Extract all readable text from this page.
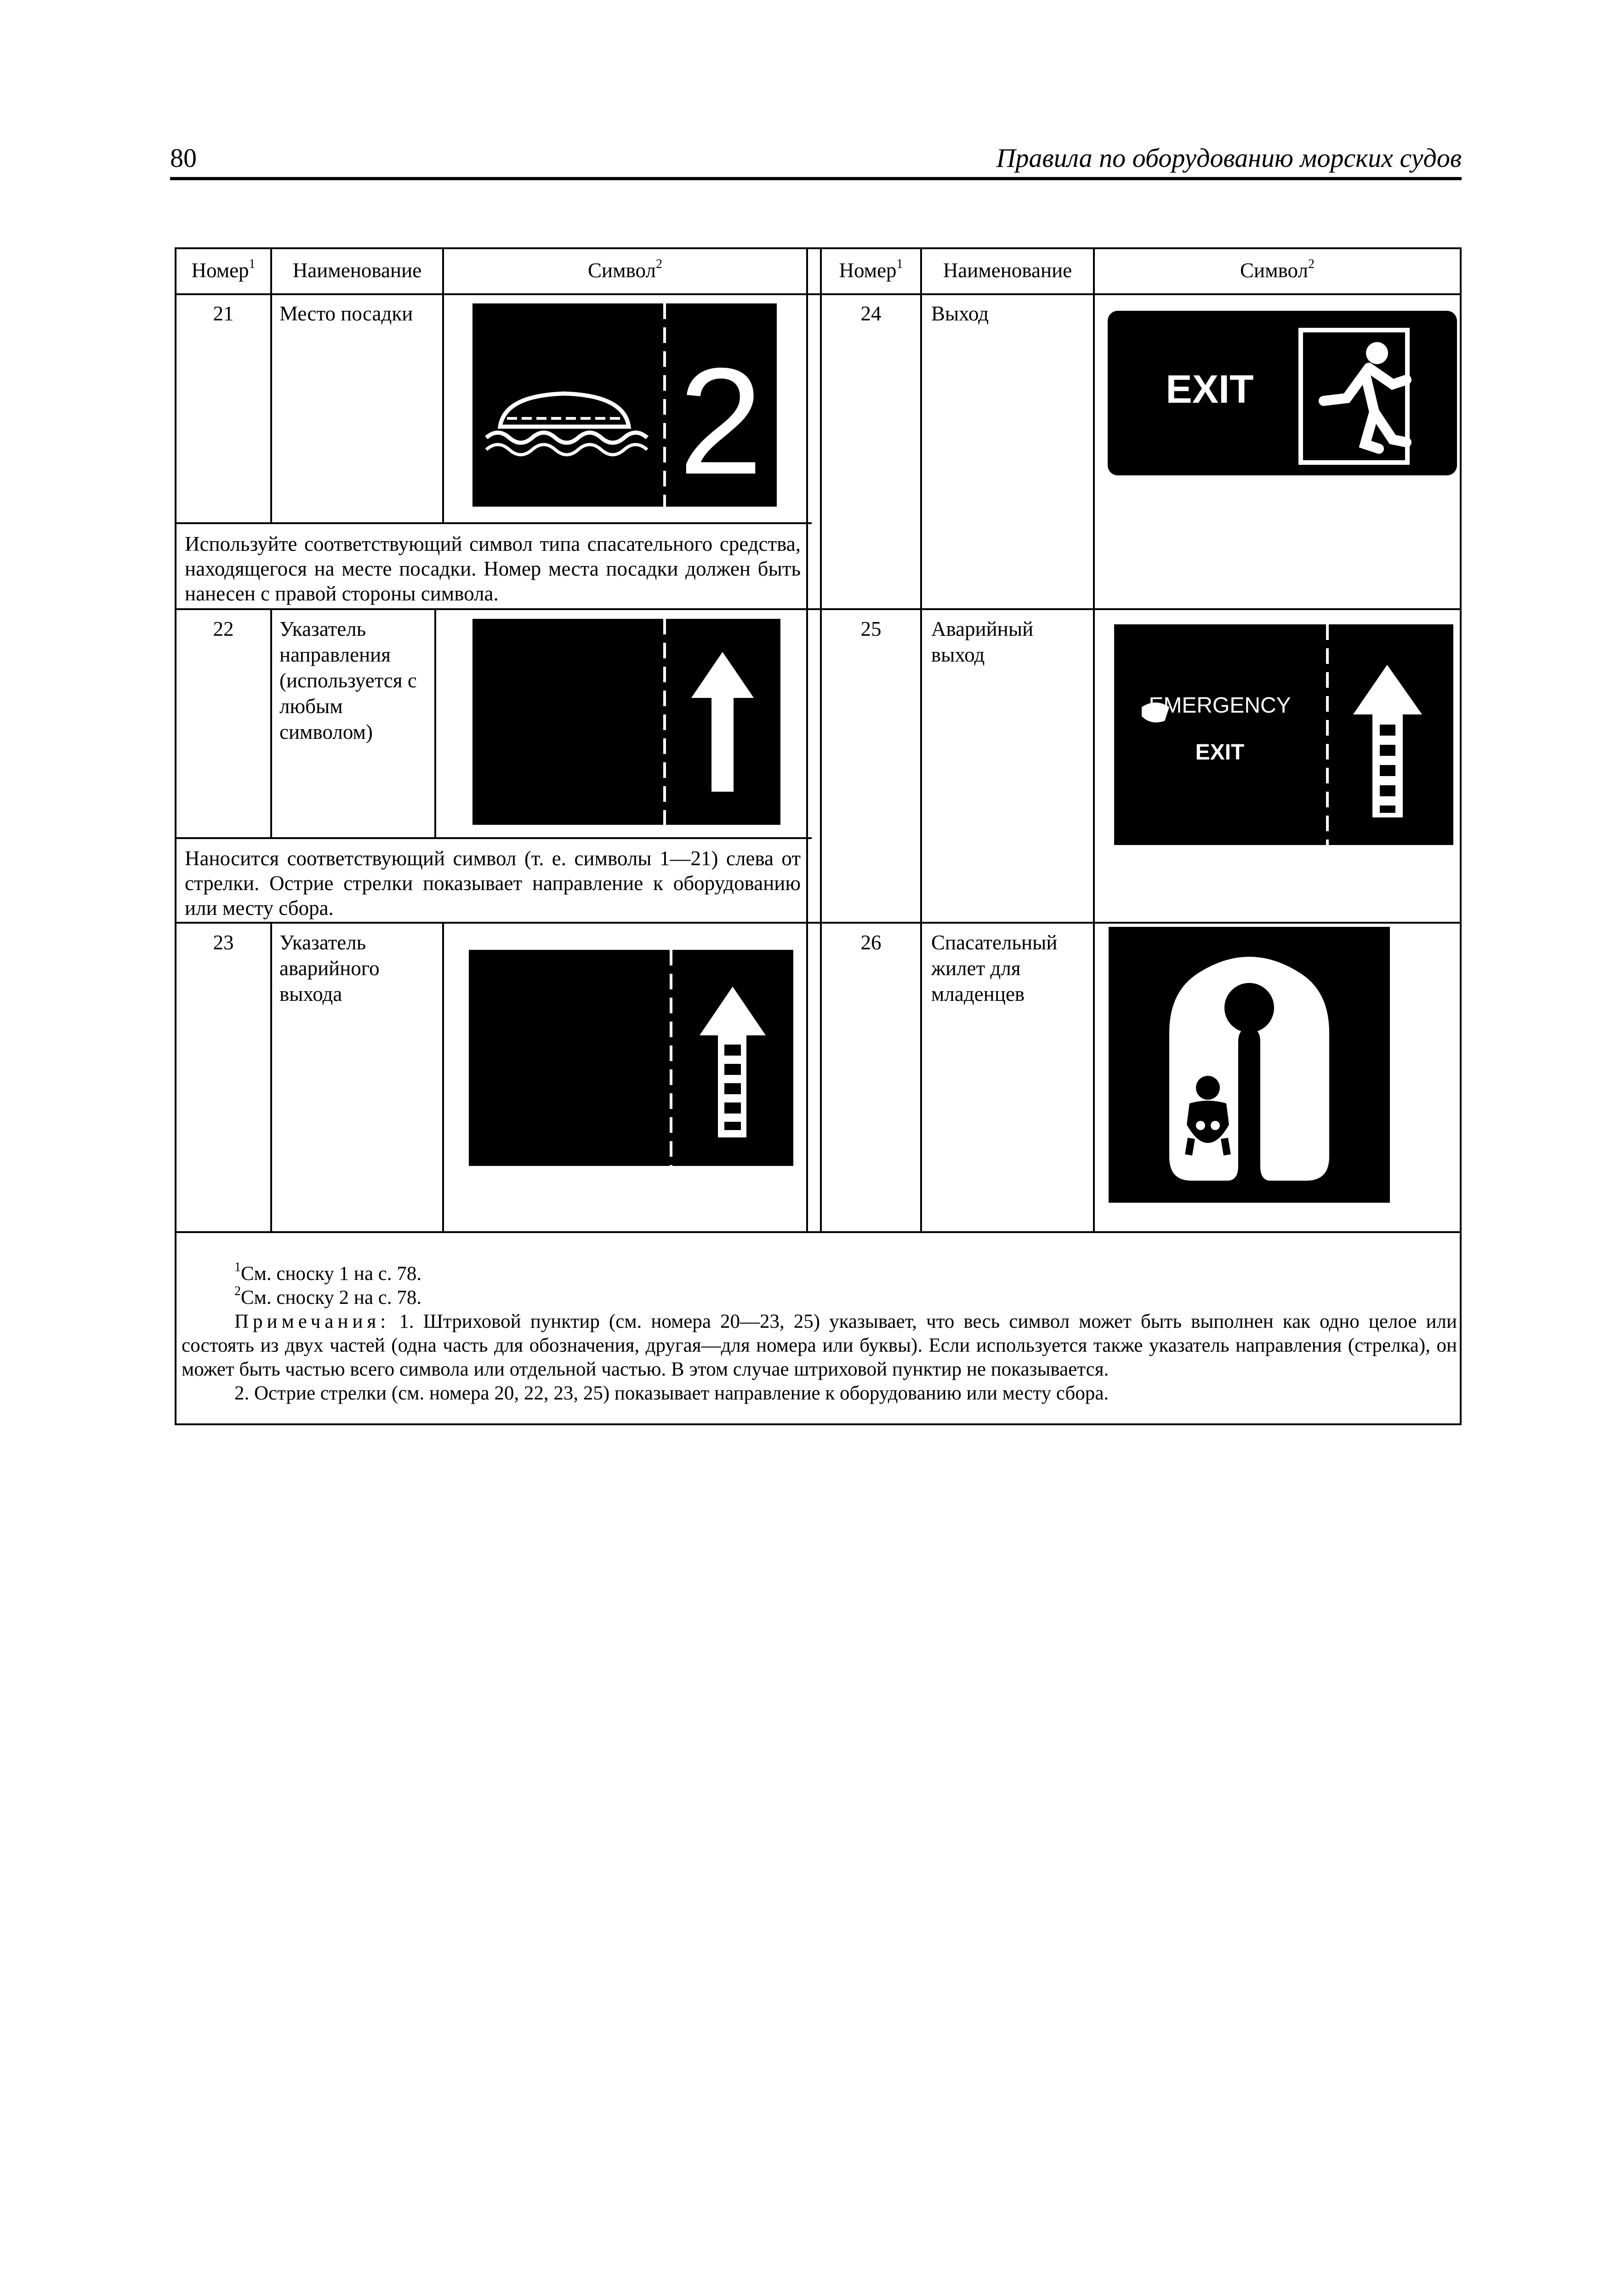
80	Правила по оборудованию морских судов
Номер$^1$	Наименование	Символ$^2$	Номер$^1$	Наименование	Символ$^2$
21	Место посадки
2
Используйте соответствующий символ типа спасательного средства, находящегося на месте посадки. Номер места посадки должен быть нанесен с правой стороны символа.
22	Указатель направления (используется с любым символом)
Наносится соответствующий символ (т. е. символы 1—21) слева от стрелки. Острие стрелки показывает направление к оборудованию или месту сбора.
23	Указатель аварийного выхода
24	Выход
EXIT
25	Аварийный выход
EMERGENCY
EXIT
26	Спасательный жилет для младенцев
$^1$См. сноску 1 на с. 78.
$^2$См. сноску 2 на с. 78.
Примечания: 1. Штриховой пунктир (см. номера 20—23, 25) указывает, что весь символ может быть выполнен как одно целое или состоять из двух частей (одна часть для обозначения, другая—для номера или буквы). Если используется также указатель направления (стрелка), он может быть частью всего символа или отдельной частью. В этом случае штриховой пунктир не показывается.
2. Острие стрелки (см. номера 20, 22, 23, 25) показывает направление к оборудованию или месту сбора.
